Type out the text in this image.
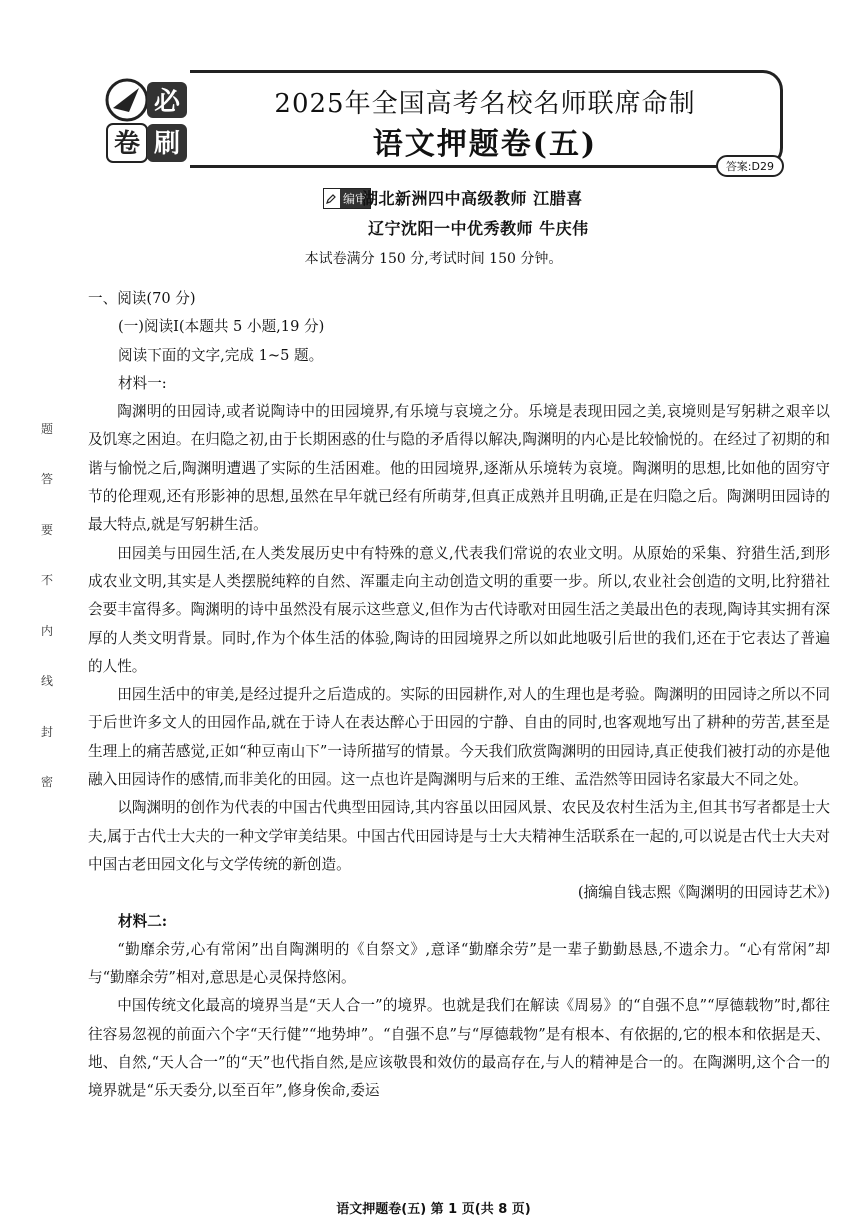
必
卷 刷
2025年全国高考名校名师联席命制
语文押题卷(五)
答案:D29
编审
湖北新洲四中高级教师 江腊喜
辽宁沈阳一中优秀教师 牛庆伟
本试卷满分 150 分,考试时间 150 分钟。
题
答
要
不
内
线
封
密

一、阅读(70 分)

(一)阅读Ⅰ(本题共 5 小题,19 分)

阅读下面的文字,完成 1~5 题。

材料一:

陶渊明的田园诗,或者说陶诗中的田园境界,有乐境与哀境之分。乐境是表现田园之美,哀境则是写躬耕之艰辛以及饥寒之困迫。在归隐之初,由于长期困惑的仕与隐的矛盾得以解决,陶渊明的内心是比较愉悦的。在经过了初期的和谐与愉悦之后,陶渊明遭遇了实际的生活困难。他的田园境界,逐渐从乐境转为哀境。陶渊明的思想,比如他的固穷守节的伦理观,还有形影神的思想,虽然在早年就已经有所萌芽,但真正成熟并且明确,正是在归隐之后。陶渊明田园诗的最大特点,就是写躬耕生活。

田园美与田园生活,在人类发展历史中有特殊的意义,代表我们常说的农业文明。从原始的采集、狩猎生活,到形成农业文明,其实是人类摆脱纯粹的自然、浑噩走向主动创造文明的重要一步。所以,农业社会创造的文明,比狩猎社会要丰富得多。陶渊明的诗中虽然没有展示这些意义,但作为古代诗歌对田园生活之美最出色的表现,陶诗其实拥有深厚的人类文明背景。同时,作为个体生活的体验,陶诗的田园境界之所以如此地吸引后世的我们,还在于它表达了普遍的人性。

田园生活中的审美,是经过提升之后造成的。实际的田园耕作,对人的生理也是考验。陶渊明的田园诗之所以不同于后世许多文人的田园作品,就在于诗人在表达醉心于田园的宁静、自由的同时,也客观地写出了耕种的劳苦,甚至是生理上的痛苦感觉,正如“种豆南山下”一诗所描写的情景。今天我们欣赏陶渊明的田园诗,真正使我们被打动的亦是他融入田园诗作的感情,而非美化的田园。这一点也许是陶渊明与后来的王维、孟浩然等田园诗名家最大不同之处。

以陶渊明的创作为代表的中国古代典型田园诗,其内容虽以田园风景、农民及农村生活为主,但其书写者都是士大夫,属于古代士大夫的一种文学审美结果。中国古代田园诗是与士大夫精神生活联系在一起的,可以说是古代士大夫对中国古老田园文化与文学传统的新创造。

(摘编自钱志熙《陶渊明的田园诗艺术》)

材料二:

“勤靡余劳,心有常闲”出自陶渊明的《自祭文》,意译“勤靡余劳”是一辈子勤勤恳恳,不遗余力。“心有常闲”却与“勤靡余劳”相对,意思是心灵保持悠闲。

中国传统文化最高的境界当是“天人合一”的境界。也就是我们在解读《周易》的“自强不息”“厚德载物”时,都往往容易忽视的前面六个字“天行健”“地势坤”。“自强不息”与“厚德载物”是有根本、有依据的,它的根本和依据是天、地、自然,“天人合一”的“天”也代指自然,是应该敬畏和效仿的最高存在,与人的精神是合一的。在陶渊明,这个合一的境界就是“乐天委分,以至百年”,修身俟命,委运

语文押题卷(五) 第 1 页(共 8 页)
